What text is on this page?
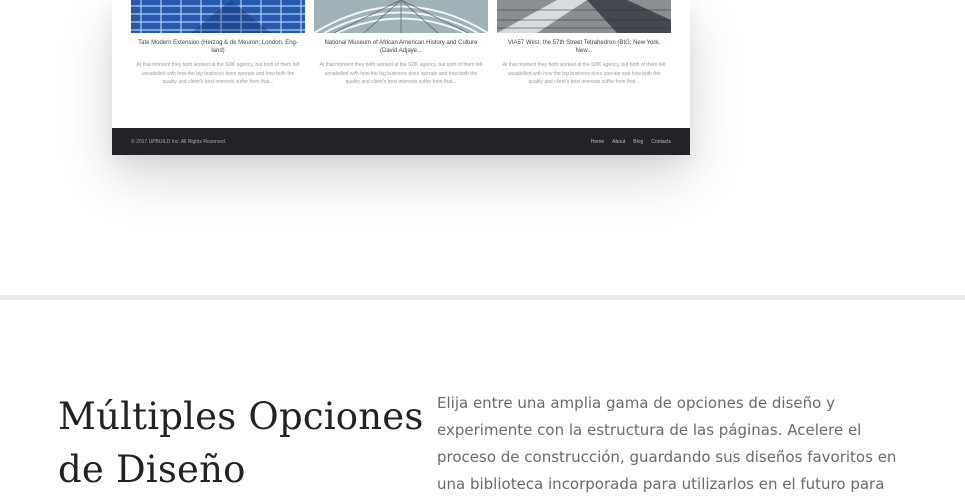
Tate Modern Extension (Herzog & de Meuron; London, Eng-land)
At that moment they both worked at the SDK agency, but both of them felt unsatisfied with how the big business does operate and how both the quality and client's best interests suffer from that...
National Museum of African American History and Culture (David Adjaye...
At that moment they both worked at the SDK agency, but both of them felt unsatisfied with how the big business does operate and how both the quality and client's best interests suffer from that...
VIA57 West, the 57th Street Tetrahedron (BIG; New York, New...
At that moment they both worked at the SDK agency, but both of them felt unsatisfied with how the big business does operate and how both the quality and client's best interests suffer from that...
© 2017 UPBUILD Inc. All Rights Reserved.	Home About Blog Contacts
Múltiples Opciones de Diseño

Elija entre una amplia gama de opciones de diseño y experimente con la estructura de las páginas. Acelere el proceso de construcción, guardando sus diseños favoritos en una biblioteca incorporada para utilizarlos en el futuro para
